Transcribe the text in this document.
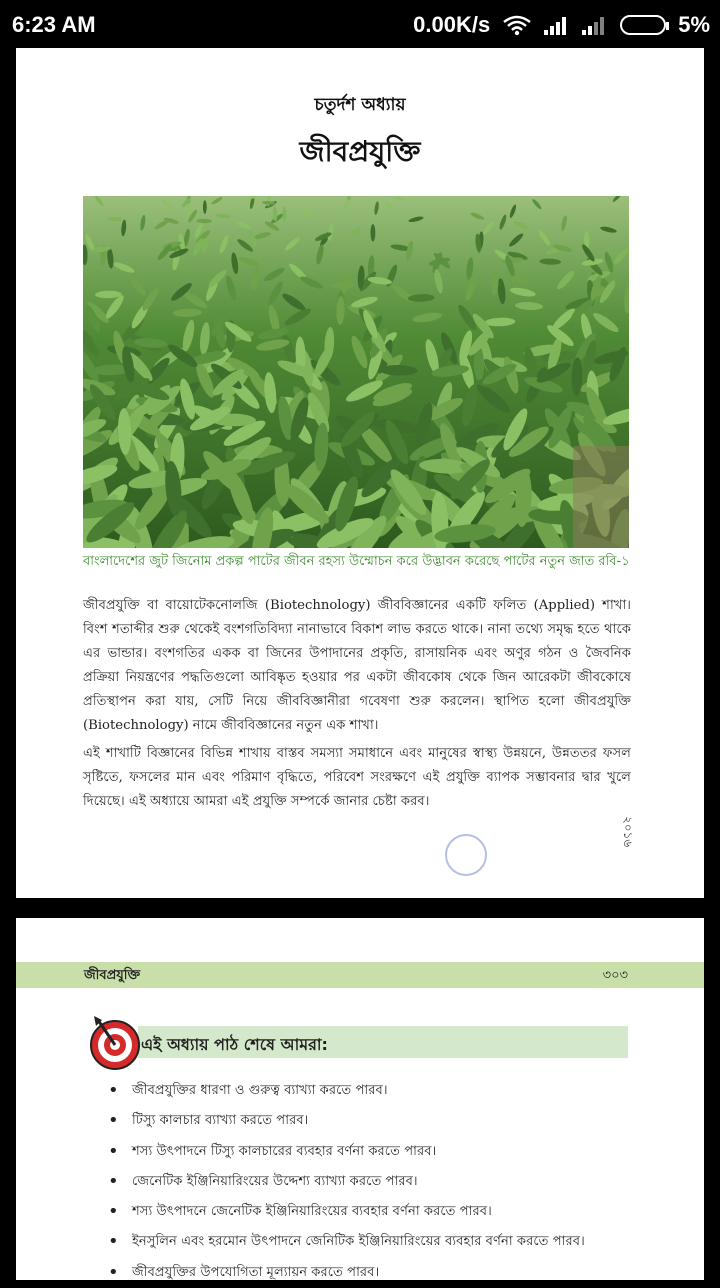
6:23 AM	0.00K/s	5%
চতুর্দশ অধ্যায়
জীবপ্রযুক্তি
বাংলাদেশের জুট জিনোম প্রকল্প পাটের জীবন রহস্য উম্মোচন করে উদ্ভাবন করেছে পাটের নতুন জাত রবি-১

জীবপ্রযুক্তি বা বায়োটেকনোলজি (Biotechnology) জীববিজ্ঞানের একটি ফলিত (Applied) শাখা। বিংশ শতাব্দীর শুরু থেকেই বংশগতিবিদ্যা নানাভাবে বিকাশ লাভ করতে থাকে। নানা তথ্যে সমৃদ্ধ হতে থাকে এর ভান্ডার। বংশগতির একক বা জিনের উপাদানের প্রকৃতি, রাসায়নিক এবং অণুর গঠন ও জৈবনিক প্রক্রিয়া নিয়ন্ত্রণের পদ্ধতিগুলো আবিষ্কৃত হওয়ার পর একটা জীবকোষ থেকে জিন আরেকটা জীবকোষে প্রতিস্থাপন করা যায়, সেটি নিয়ে জীববিজ্ঞানীরা গবেষণা শুরু করলেন। স্থাপিত হলো জীবপ্রযুক্তি (Biotechnology) নামে জীববিজ্ঞানের নতুন এক শাখা।

এই শাখাটি বিজ্ঞানের বিভিন্ন শাখায় বাস্তব সমস্যা সমাধানে এবং মানুষের স্বাস্থ্য উন্নয়নে, উন্নততর ফসল সৃষ্টিতে, ফসলের মান এবং পরিমাণ বৃদ্ধিতে, পরিবেশ সংরক্ষণে এই প্রযুক্তি ব্যাপক সম্ভাবনার দ্বার খুলে দিয়েছে। এই অধ্যায়ে আমরা এই প্রযুক্তি সম্পর্কে জানার চেষ্টা করব।

২০১৬
জীবপ্রযুক্তি	৩০৩
এই অধ্যায় পাঠ শেষে আমরা:
• জীবপ্রযুক্তির ধারণা ও গুরুত্ব ব্যাখ্যা করতে পারব।
• টিস্যু কালচার ব্যাখ্যা করতে পারব।
• শস্য উৎপাদনে টিস্যু কালচারের ব্যবহার বর্ণনা করতে পারব।
• জেনেটিক ইঞ্জিনিয়ারিংয়ের উদ্দেশ্য ব্যাখ্যা করতে পারব।
• শস্য উৎপাদনে জেনেটিক ইঞ্জিনিয়ারিংয়ের ব্যবহার বর্ণনা করতে পারব।
• ইনসুলিন এবং হরমোন উৎপাদনে জেনিটিক ইঞ্জিনিয়ারিংয়ের ব্যবহার বর্ণনা করতে পারব।
• জীবপ্রযুক্তির উপযোগিতা মূল্যায়ন করতে পারব।
